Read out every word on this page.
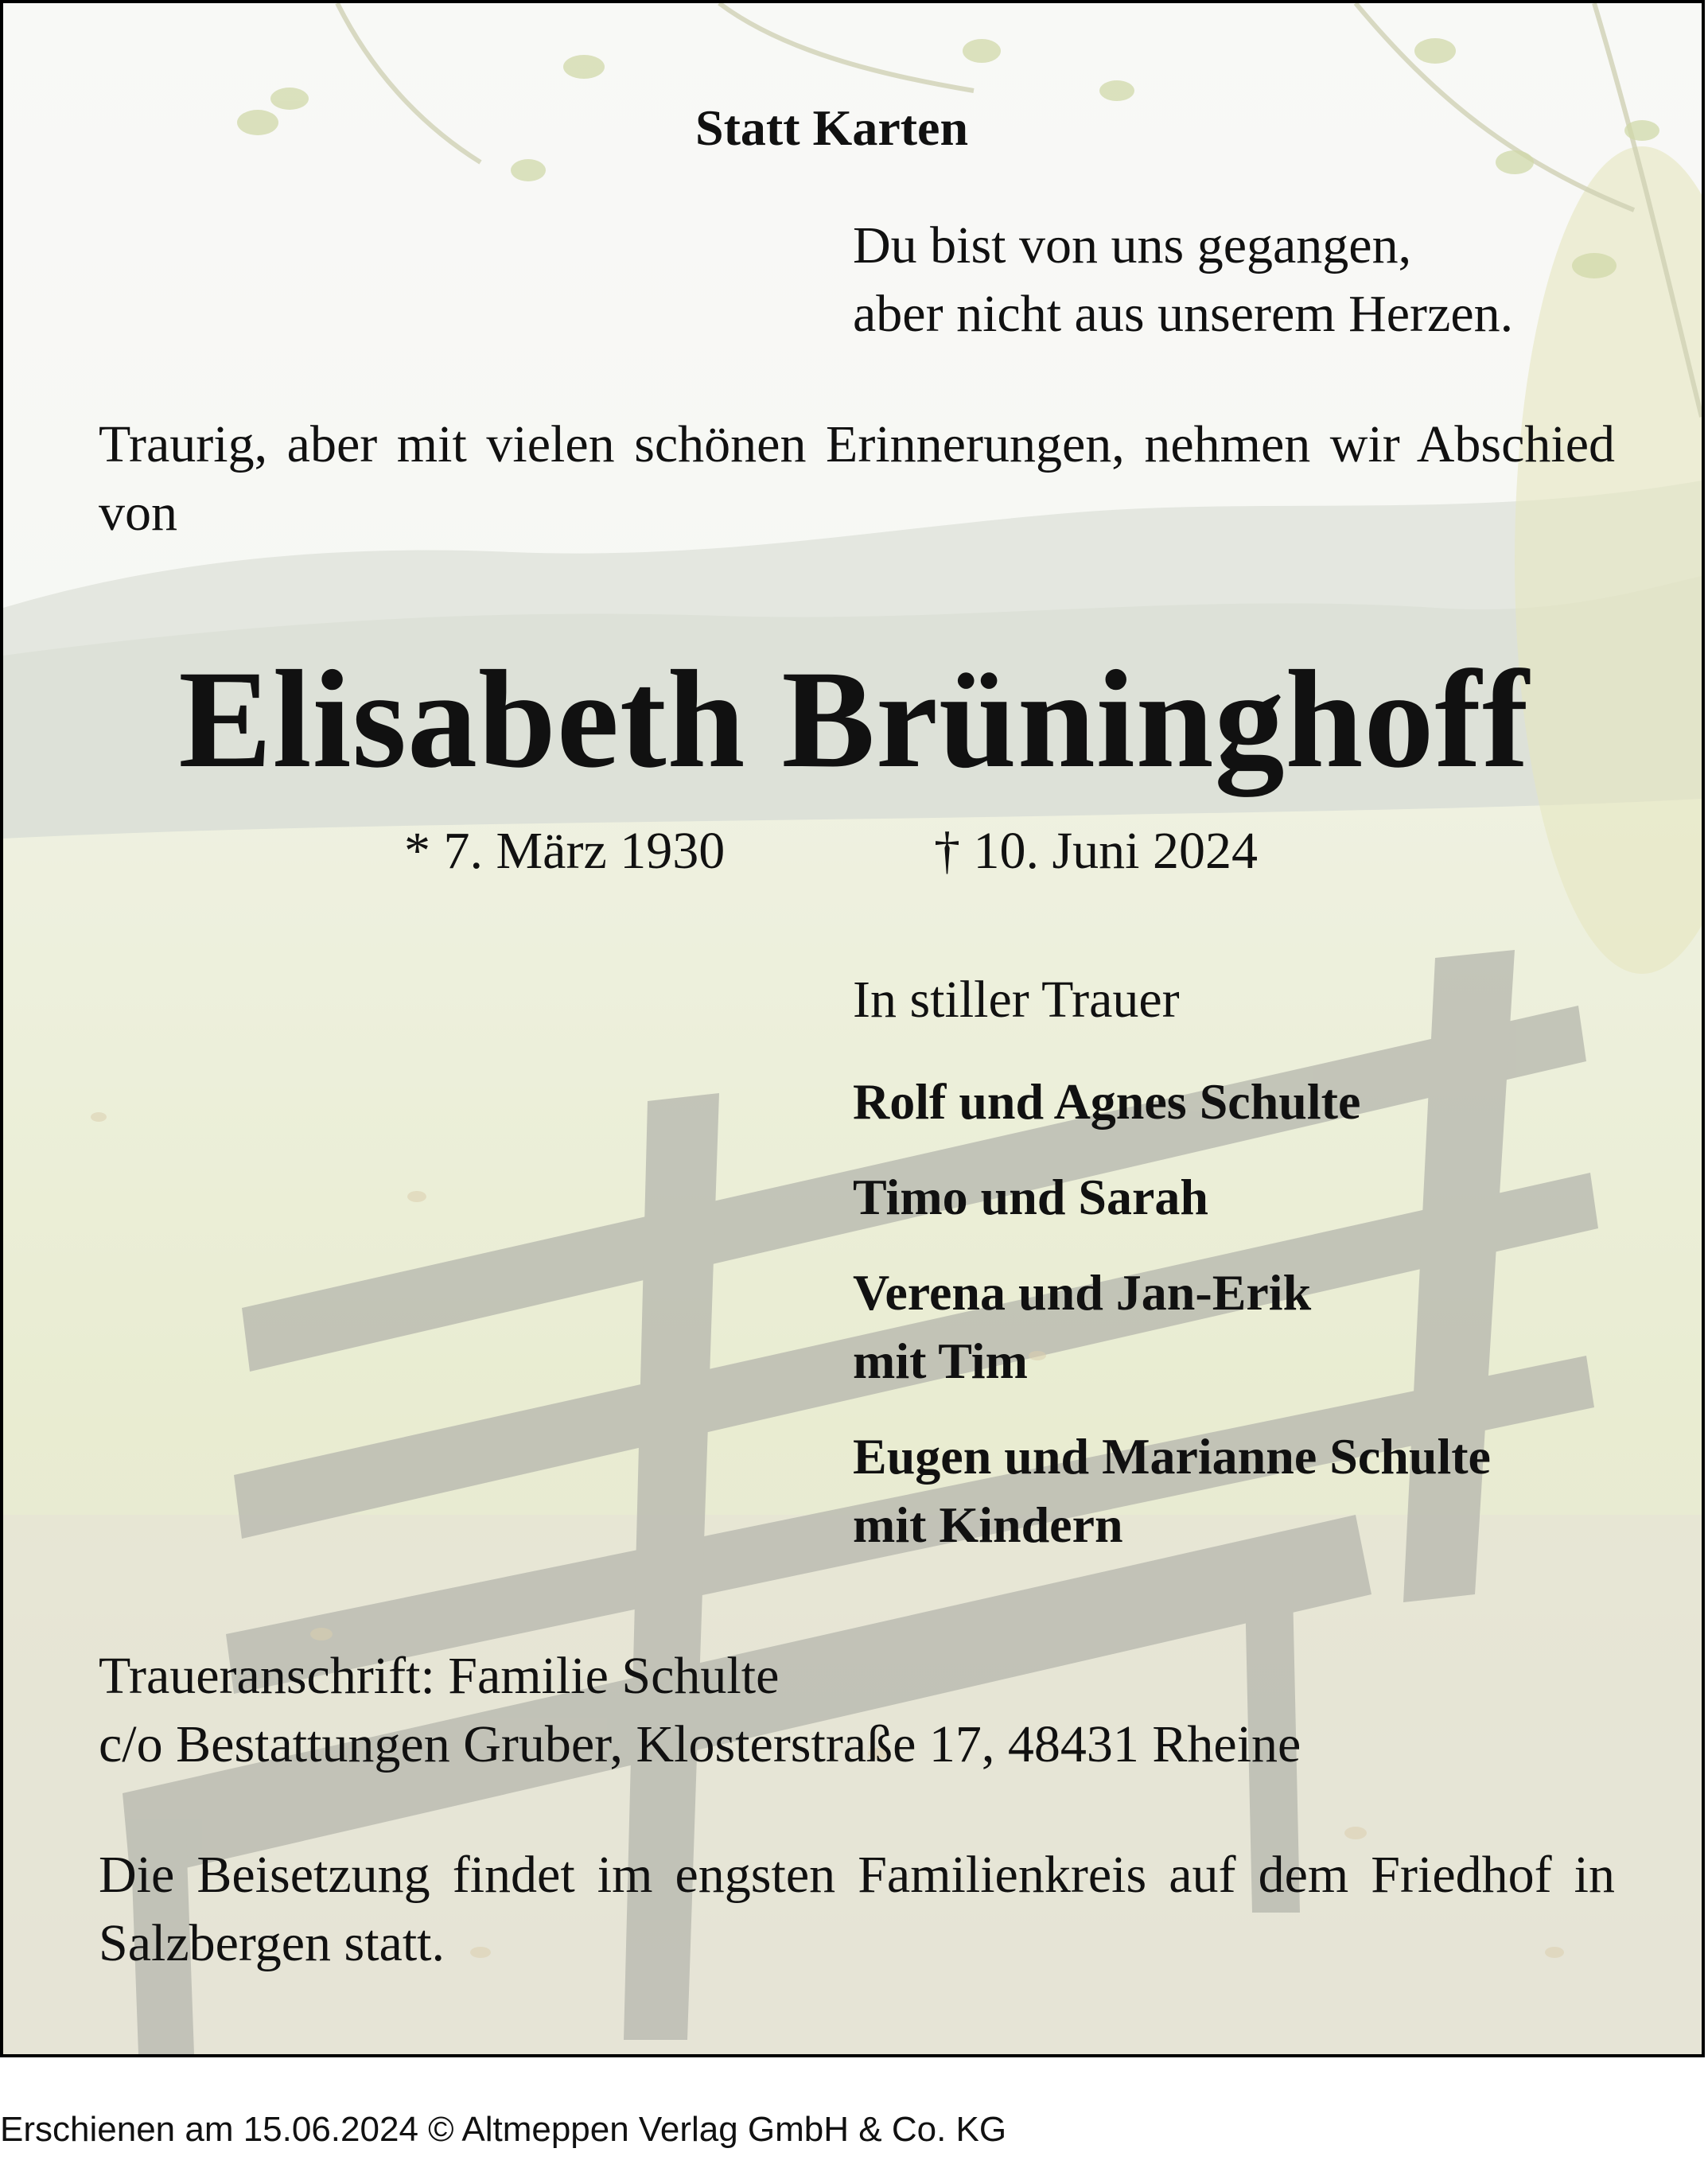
Statt Karten
Du bist von uns gegangen,
aber nicht aus unserem Herzen.
Traurig, aber mit vielen schönen Erinnerungen, nehmen wir Abschied von
Elisabeth Brüninghoff
* 7. März 1930	† 10. Juni 2024
In stiller Trauer
Rolf und Agnes Schulte
Timo und Sarah
Verena und Jan-Erik
mit Tim
Eugen und Marianne Schulte
mit Kindern
Traueranschrift: Familie Schulte
c/o Bestattungen Gruber, Klosterstraße 17, 48431 Rheine
Die Beisetzung findet im engsten Familienkreis auf dem Friedhof in Salzbergen statt.
Erschienen am 15.06.2024 © Altmeppen Verlag GmbH & Co. KG
